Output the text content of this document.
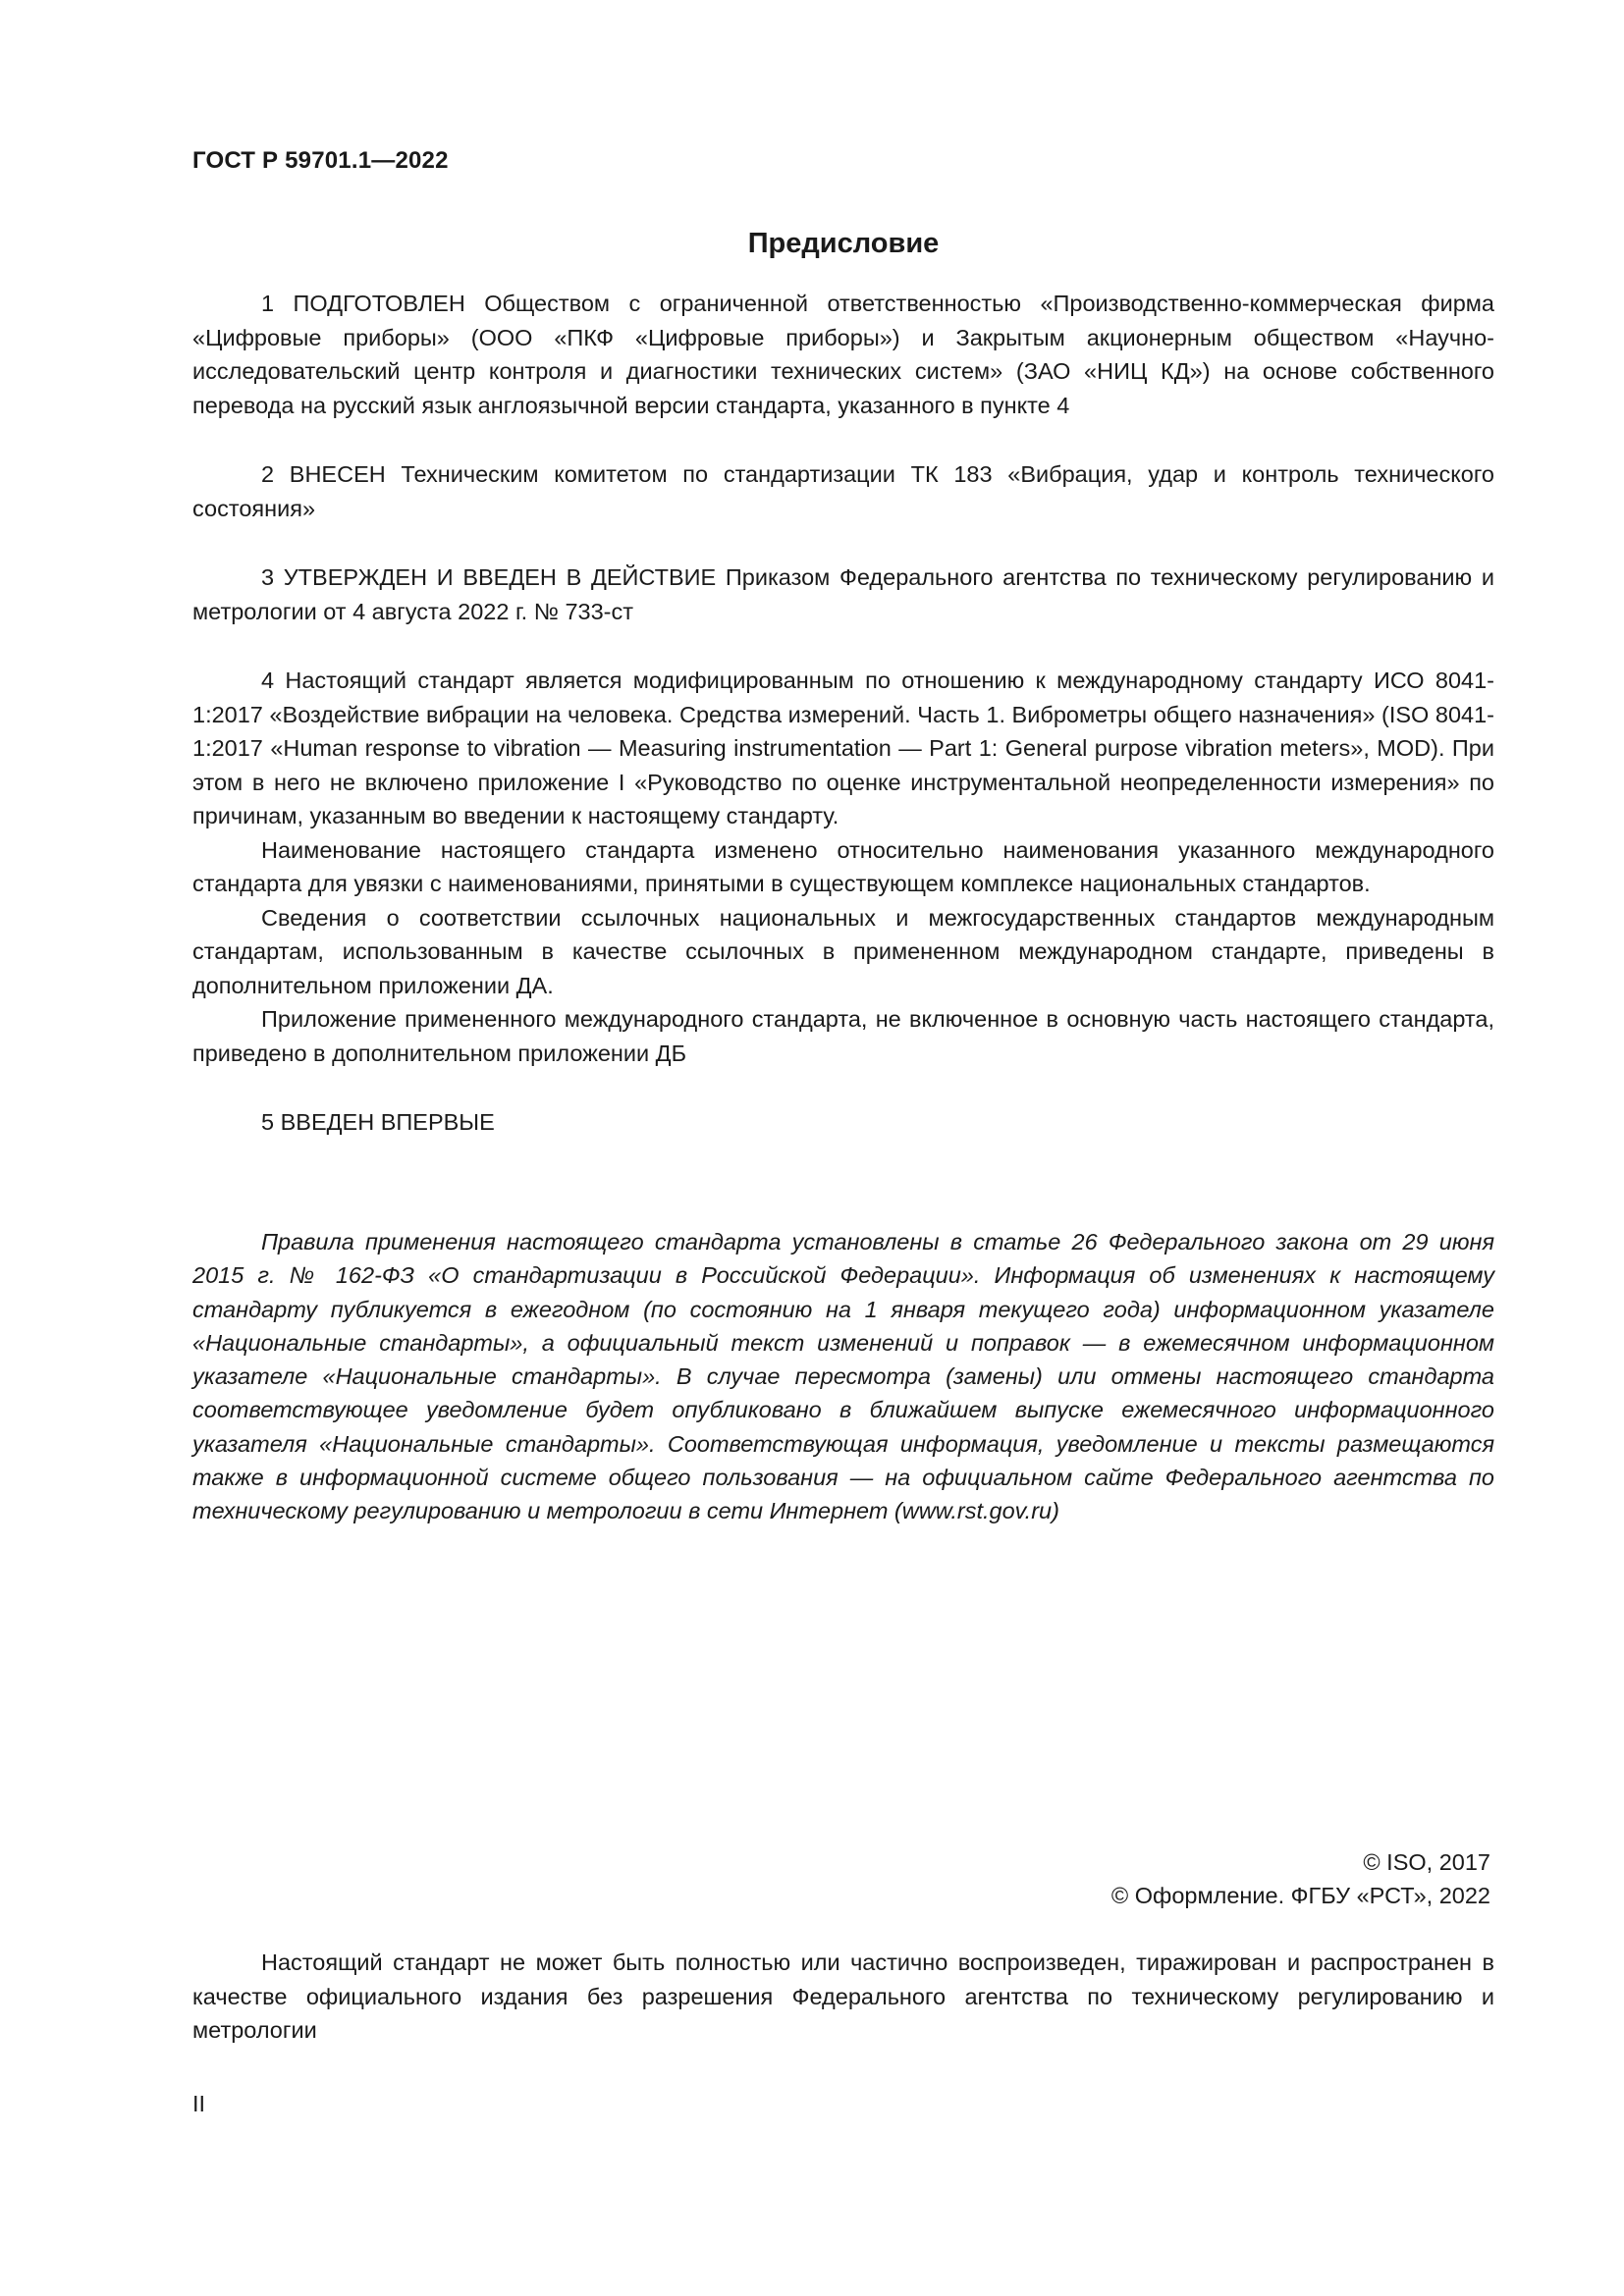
ГОСТ Р 59701.1—2022
Предисловие

1 ПОДГОТОВЛЕН Обществом с ограниченной ответственностью «Производственно-коммерческая фирма «Цифровые приборы» (ООО «ПКФ «Цифровые приборы») и Закрытым акционерным обществом «Научно-исследовательский центр контроля и диагностики технических систем» (ЗАО «НИЦ КД») на основе собственного перевода на русский язык англоязычной версии стандарта, указанного в пункте 4

2 ВНЕСЕН Техническим комитетом по стандартизации ТК 183 «Вибрация, удар и контроль технического состояния»

3 УТВЕРЖДЕН И ВВЕДЕН В ДЕЙСТВИЕ Приказом Федерального агентства по техническому регулированию и метрологии от 4 августа 2022 г. № 733-ст

4 Настоящий стандарт является модифицированным по отношению к международному стандарту ИСО 8041-1:2017 «Воздействие вибрации на человека. Средства измерений. Часть 1. Виброметры общего назначения» (ISO 8041-1:2017 «Human response to vibration — Measuring instrumentation — Part 1: General purpose vibration meters», MOD). При этом в него не включено приложение I «Руководство по оценке инструментальной неопределенности измерения» по причинам, указанным во введении к настоящему стандарту.

Наименование настоящего стандарта изменено относительно наименования указанного международного стандарта для увязки с наименованиями, принятыми в существующем комплексе национальных стандартов.

Сведения о соответствии ссылочных национальных и межгосударственных стандартов международным стандартам, использованным в качестве ссылочных в примененном международном стандарте, приведены в дополнительном приложении ДА.

Приложение примененного международного стандарта, не включенное в основную часть настоящего стандарта, приведено в дополнительном приложении ДБ

5 ВВЕДЕН ВПЕРВЫЕ

Правила применения настоящего стандарта установлены в статье 26 Федерального закона от 29 июня 2015 г. № 162-ФЗ «О стандартизации в Российской Федерации». Информация об изменениях к настоящему стандарту публикуется в ежегодном (по состоянию на 1 января текущего года) информационном указателе «Национальные стандарты», а официальный текст изменений и поправок — в ежемесячном информационном указателе «Национальные стандарты». В случае пересмотра (замены) или отмены настоящего стандарта соответствующее уведомление будет опубликовано в ближайшем выпуске ежемесячного информационного указателя «Национальные стандарты». Соответствующая информация, уведомление и тексты размещаются также в информационной системе общего пользования — на официальном сайте Федерального агентства по техническому регулированию и метрологии в сети Интернет (www.rst.gov.ru)

© ISO, 2017
© Оформление. ФГБУ «РСТ», 2022

Настоящий стандарт не может быть полностью или частично воспроизведен, тиражирован и распространен в качестве официального издания без разрешения Федерального агентства по техническому регулированию и метрологии

II
